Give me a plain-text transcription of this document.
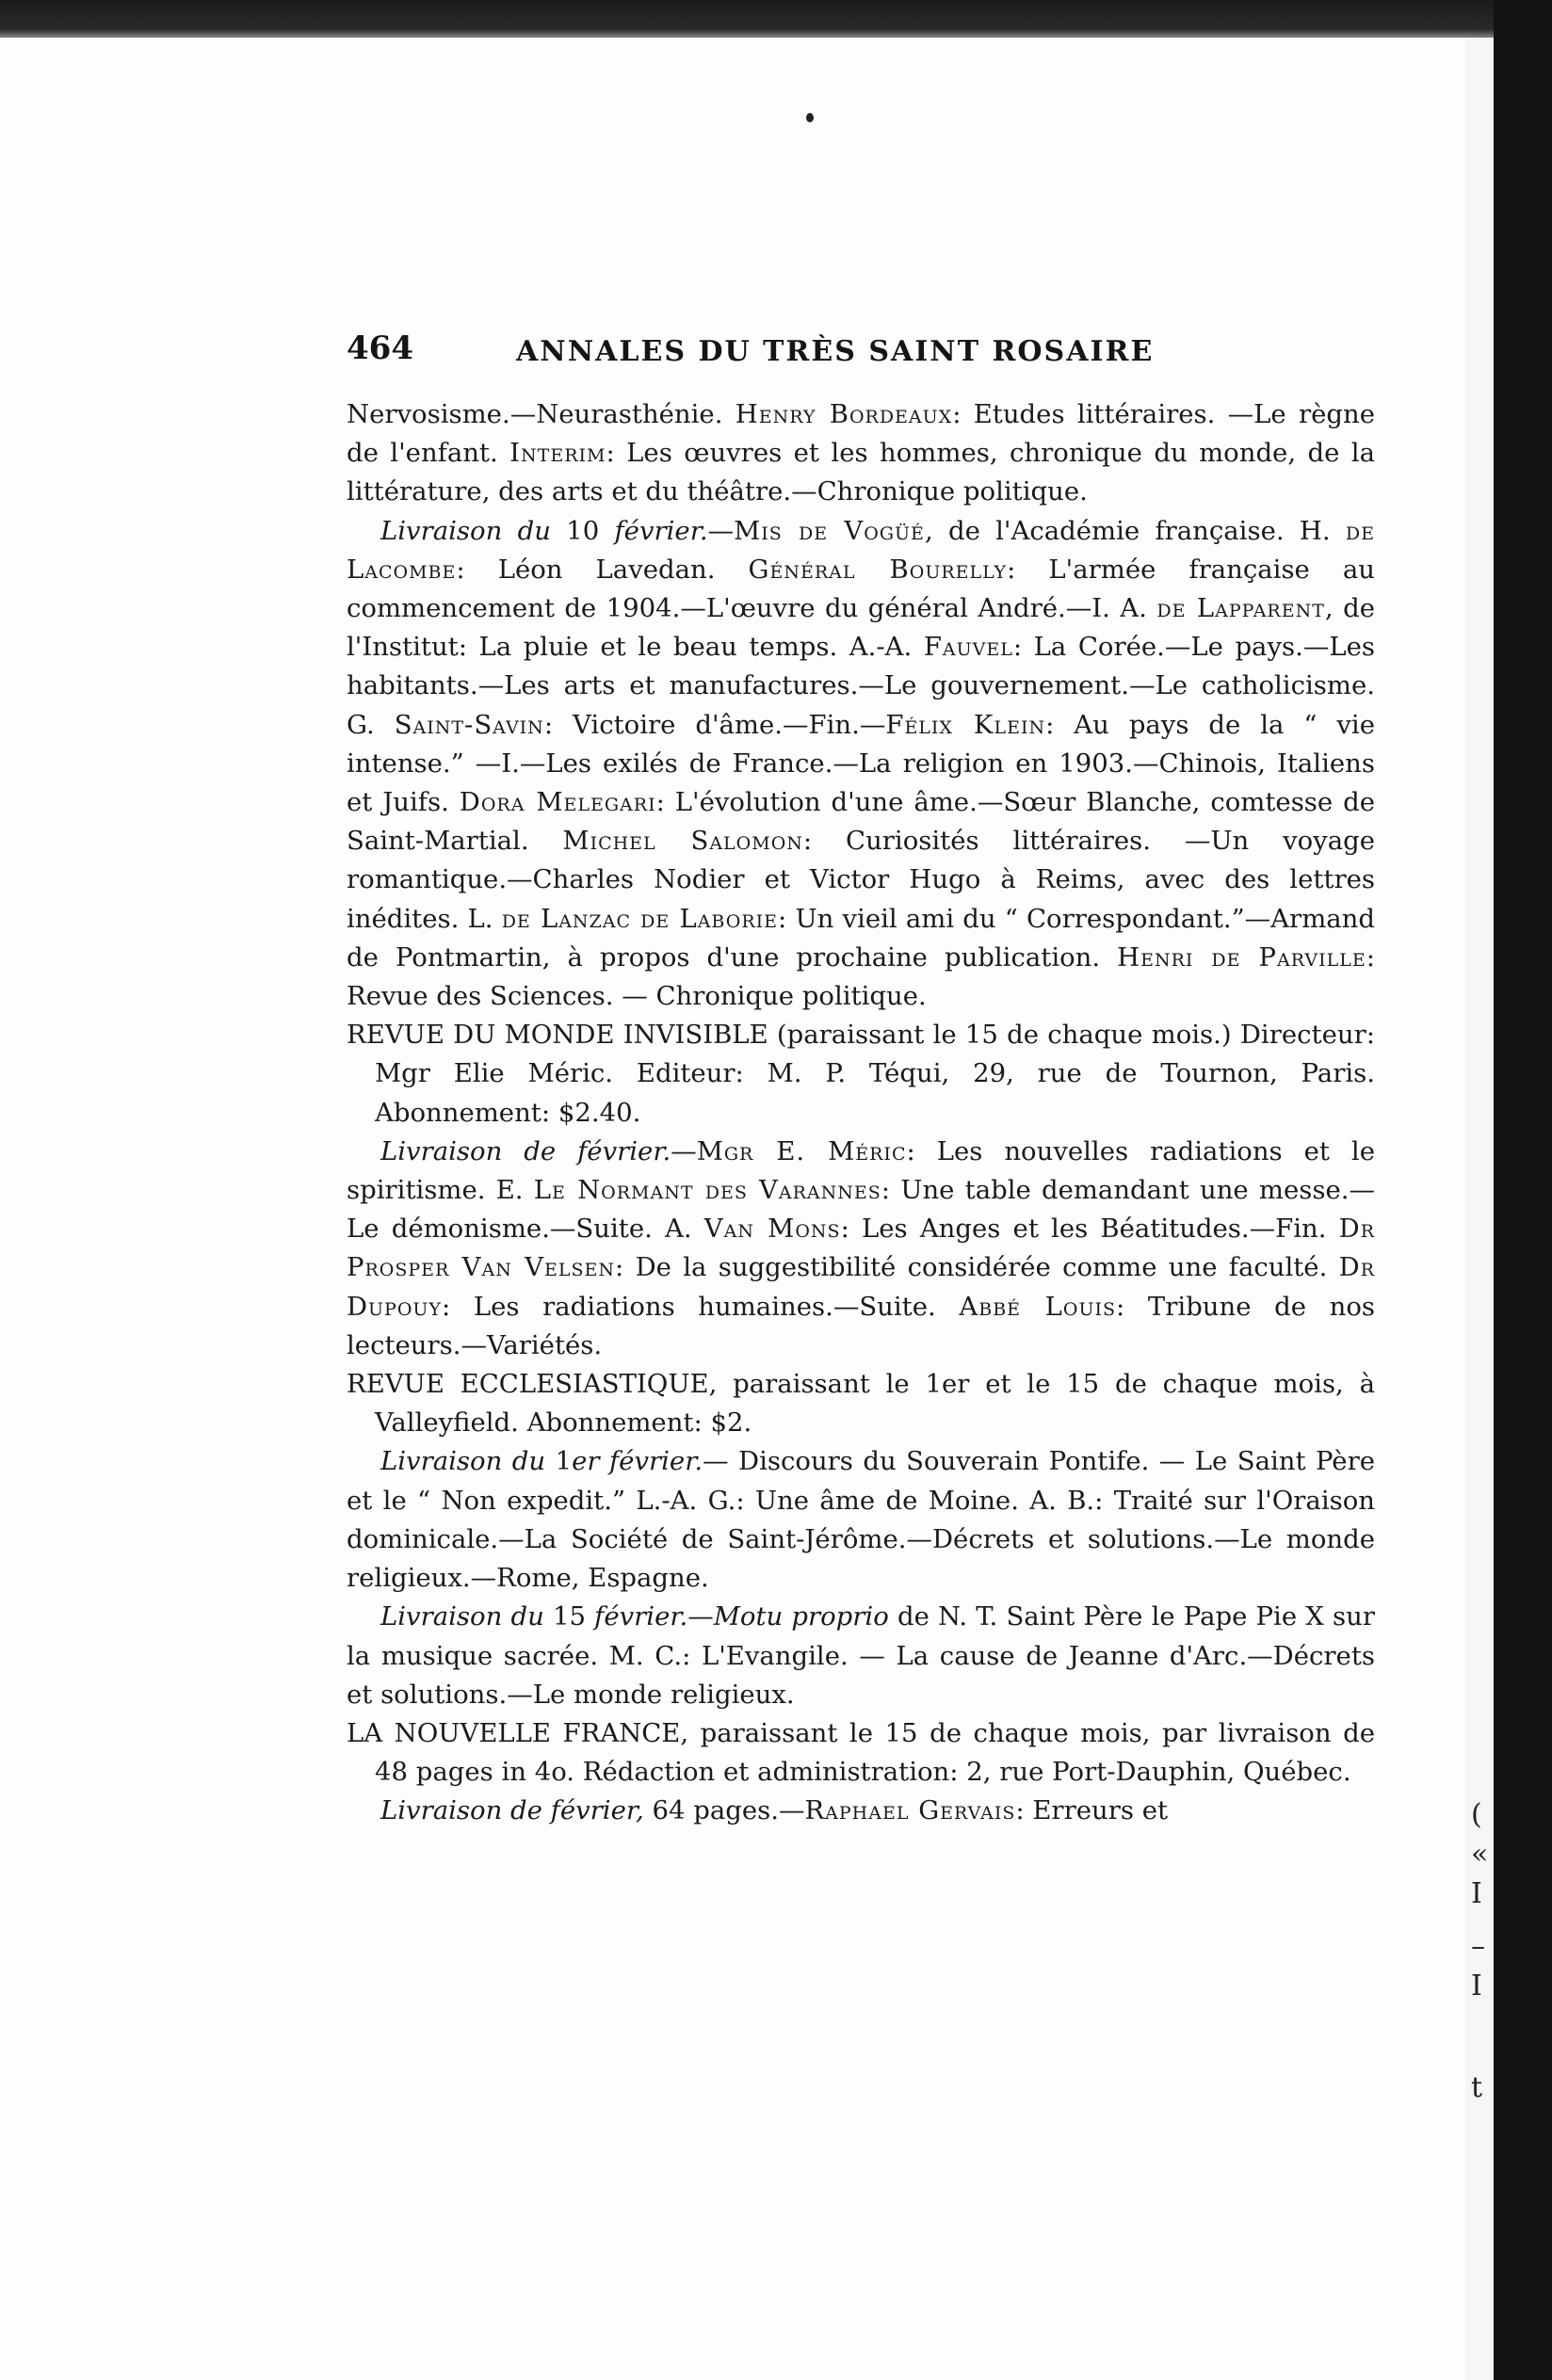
(
«
I
–
I
t
464	ANNALES DU TRÈS SAINT ROSAIRE

Nervosisme.—Neurasthénie. Henry Bordeaux: Etudes littéraires. —Le règne de l'enfant. Interim: Les œuvres et les hommes, chronique du monde, de la littérature, des arts et du théâtre.—Chronique politique.

Livraison du 10 février.—Mis de Vogüé, de l'Académie française. H. de Lacombe: Léon Lavedan. Général Bourelly: L'armée française au commencement de 1904.—L'œuvre du général André.—I. A. de Lapparent, de l'Institut: La pluie et le beau temps. A.-A. Fauvel: La Corée.—Le pays.—Les habitants.—Les arts et manufactures.—Le gouvernement.—Le catholicisme. G. Saint-Savin: Victoire d'âme.—Fin.—Félix Klein: Au pays de la “ vie intense.” —I.—Les exilés de France.—La religion en 1903.—Chinois, Italiens et Juifs. Dora Melegari: L'évolution d'une âme.—Sœur Blanche, comtesse de Saint-Martial. Michel Salomon: Curiosités littéraires. —Un voyage romantique.—Charles Nodier et Victor Hugo à Reims, avec des lettres inédites. L. de Lanzac de Laborie: Un vieil ami du “ Correspondant.”—Armand de Pontmartin, à propos d'une prochaine publication. Henri de Parville: Revue des Sciences. — Chronique politique.

REVUE DU MONDE INVISIBLE (paraissant le 15 de chaque mois.) Directeur: Mgr Elie Méric. Editeur: M. P. Téqui, 29, rue de Tournon, Paris. Abonnement: $2.40.

Livraison de février.—Mgr E. Méric: Les nouvelles radiations et le spiritisme. E. Le Normant des Varannes: Une table demandant une messe.—Le démonisme.—Suite. A. Van Mons: Les Anges et les Béatitudes.—Fin. Dr Prosper Van Velsen: De la suggestibilité considérée comme une faculté. Dr Dupouy: Les radiations humaines.—Suite. Abbé Louis: Tribune de nos lecteurs.—Variétés.

REVUE ECCLESIASTIQUE, paraissant le 1er et le 15 de chaque mois, à Valleyfield. Abonnement: $2.

Livraison du 1er février.— Discours du Souverain Pontife. — Le Saint Père et le “ Non expedit.” L.-A. G.: Une âme de Moine. A. B.: Traité sur l'Oraison dominicale.—La Société de Saint-Jérôme.—Décrets et solutions.—Le monde religieux.—Rome, Espagne.

Livraison du 15 février.—Motu proprio de N. T. Saint Père le Pape Pie X sur la musique sacrée. M. C.: L'Evangile. — La cause de Jeanne d'Arc.—Décrets et solutions.—Le monde religieux.

LA NOUVELLE FRANCE, paraissant le 15 de chaque mois, par livraison de 48 pages in 4o. Rédaction et administration: 2, rue Port-Dauphin, Québec.

Livraison de février, 64 pages.—Raphael Gervais: Erreurs et
